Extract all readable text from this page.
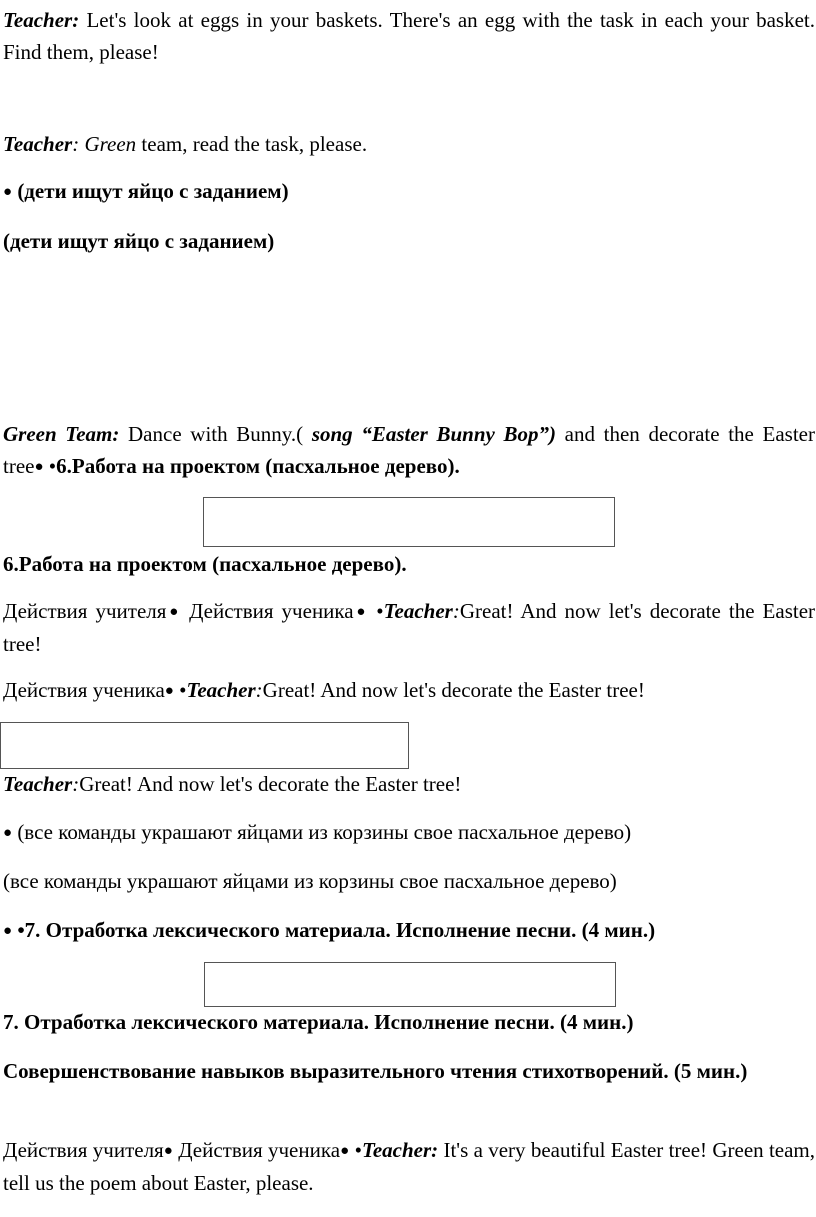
Teacher: Let's look at eggs in your baskets. There's an egg with the task in each your basket. Find them, please!

Teacher: Green team, read the task, please.

● (дети ищут яйцо с заданием)

(дети ищут яйцо с заданием)

Green Team: Dance with Bunny.( song “Easter Bunny Bop”) and then decorate the Easter tree● •6.Работа на проектом (пасхальное дерево).

6.Работа на проектом (пасхальное дерево).

Действия учителя● Действия ученика● •Teacher:Great! And now let's decorate the Easter tree!

Действия ученика● •Teacher:Great! And now let's decorate the Easter tree!

Teacher:Great! And now let's decorate the Easter tree!

● (все команды украшают яйцами из корзины свое пасхальное дерево)

(все команды украшают яйцами из корзины свое пасхальное дерево)

● •7. Отработка лексического материала. Исполнение песни. (4 мин.)

7. Отработка лексического материала. Исполнение песни. (4 мин.)

Совершенствование навыков выразительного чтения стихотворений. (5 мин.)

Действия учителя● Действия ученика● •Teacher: It's a very beautiful Easter tree! Green team, tell us the poem about Easter, please.
